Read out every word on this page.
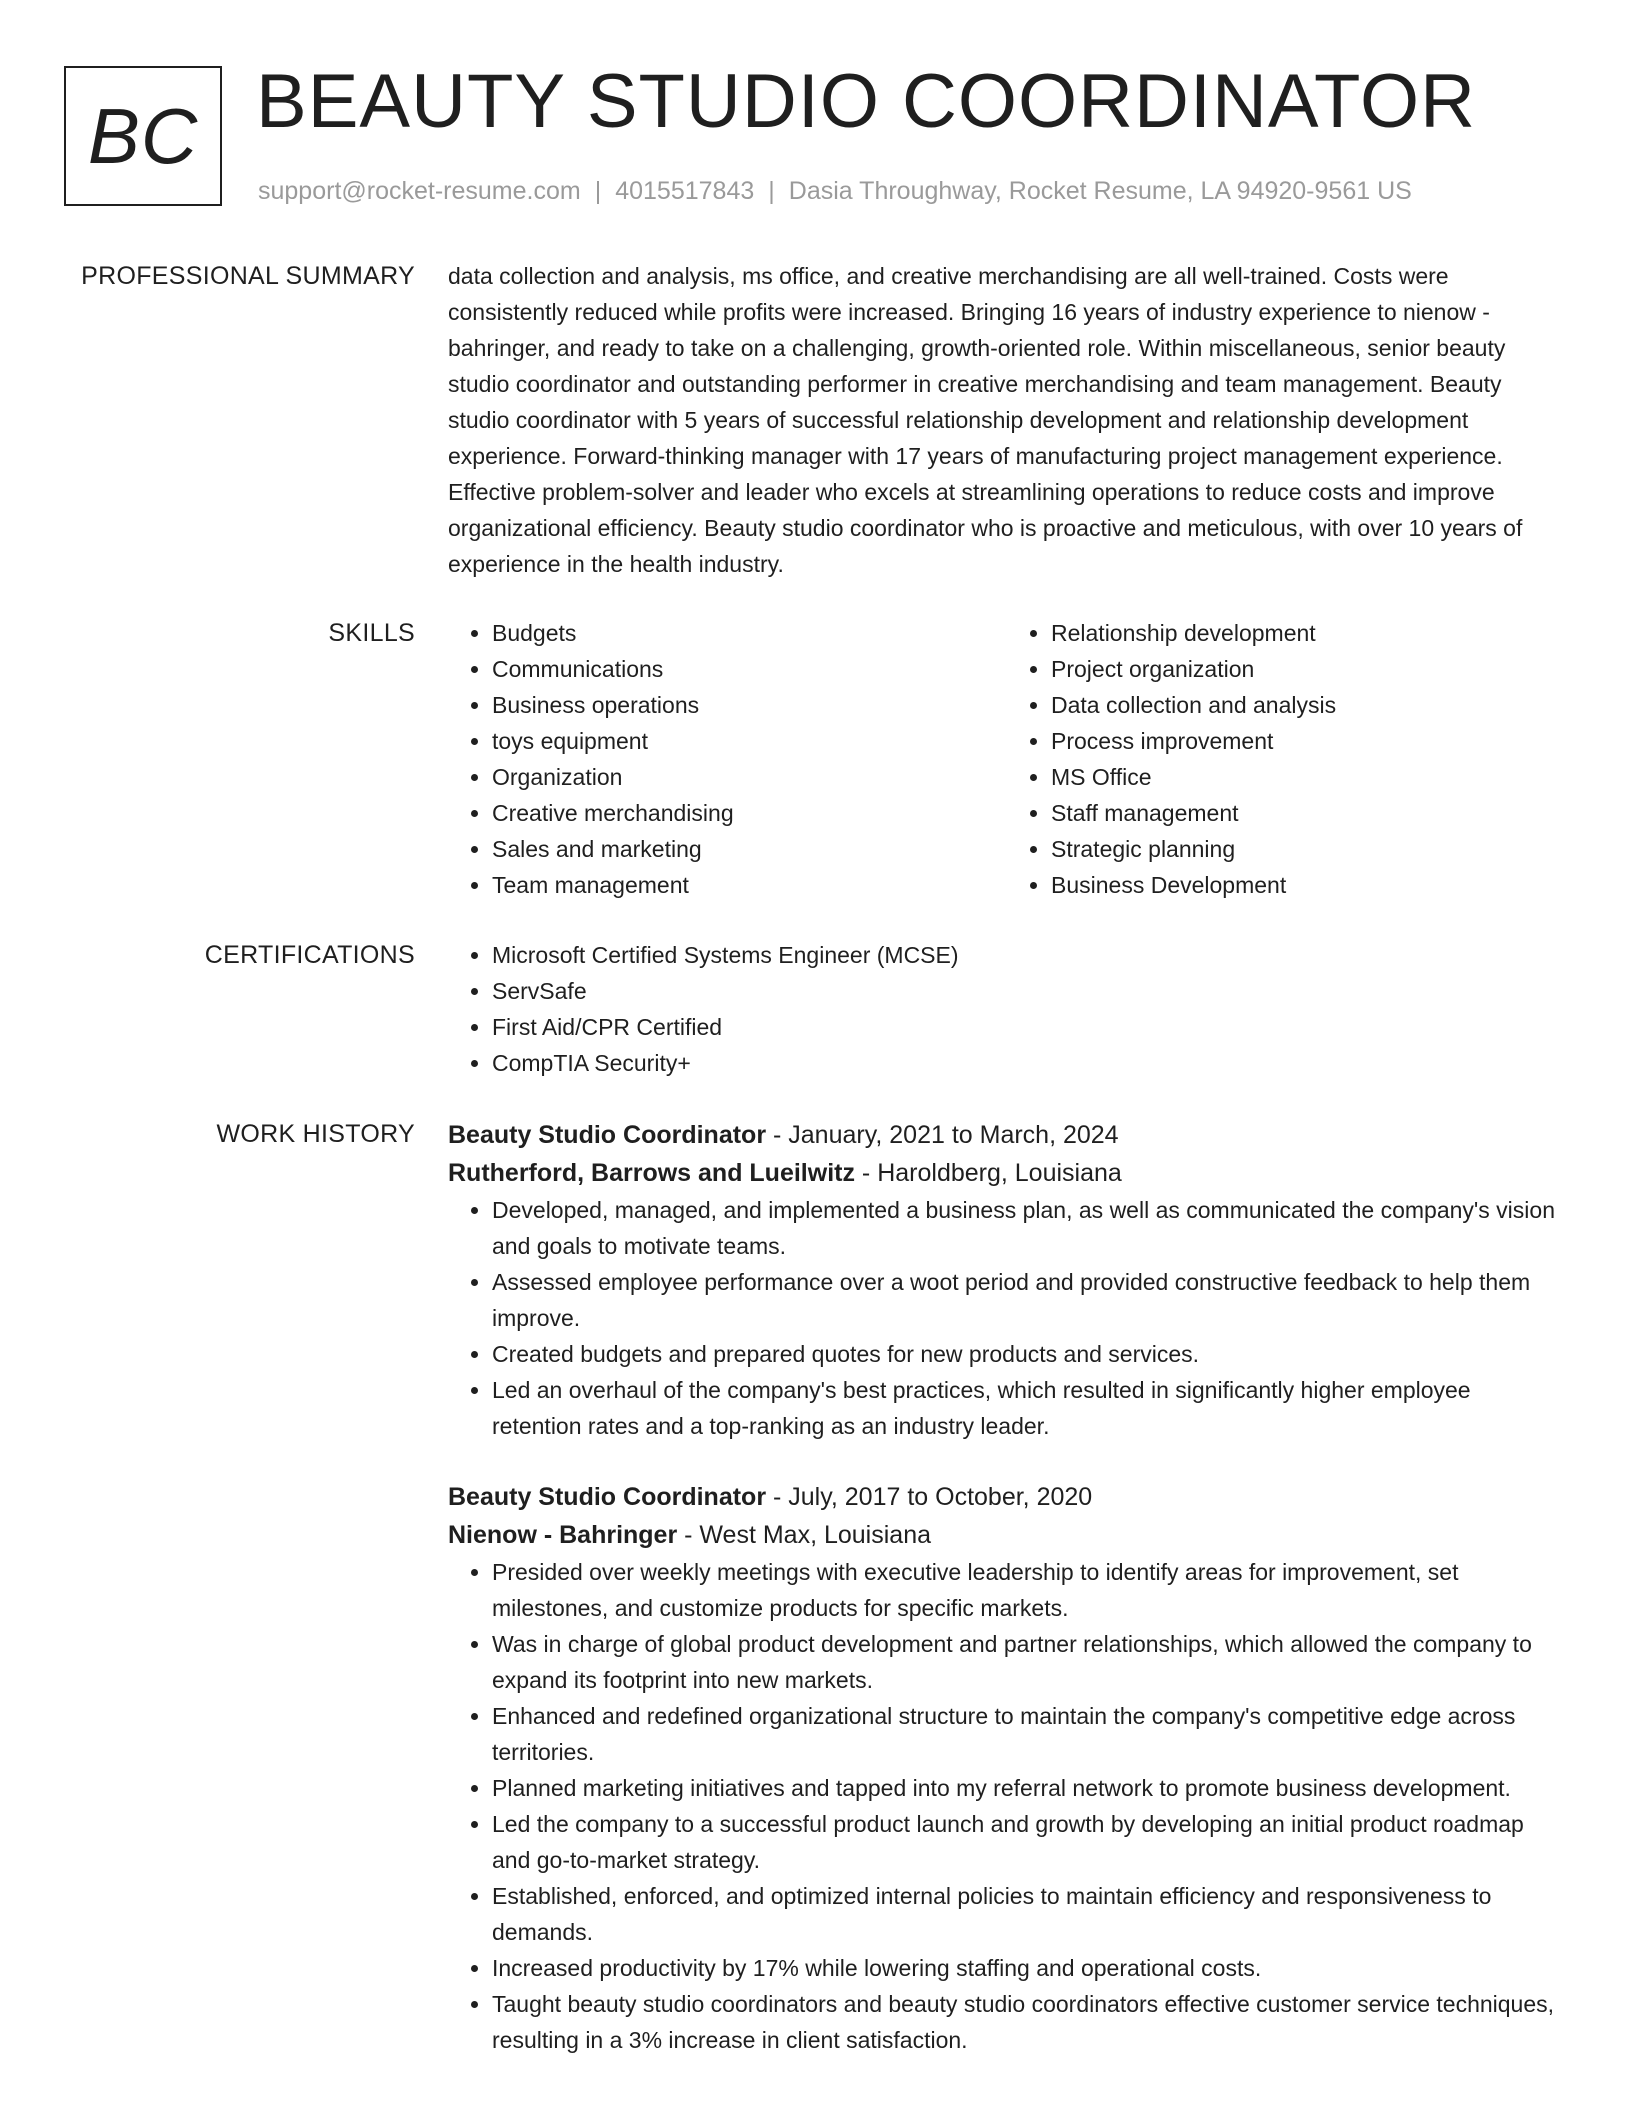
BC BEAUTY STUDIO COORDINATOR
support@rocket-resume.com | 4015517843 | Dasia Throughway, Rocket Resume, LA 94920-9561 US
PROFESSIONAL SUMMARY data collection and analysis, ms office, and creative merchandising are all well-trained. Costs were consistently reduced while profits were increased. Bringing 16 years of industry experience to nienow - bahringer, and ready to take on a challenging, growth-oriented role. Within miscellaneous, senior beauty studio coordinator and outstanding performer in creative merchandising and team management. Beauty studio coordinator with 5 years of successful relationship development and relationship development experience. Forward-thinking manager with 17 years of manufacturing project management experience. Effective problem-solver and leader who excels at streamlining operations to reduce costs and improve organizational efficiency. Beauty studio coordinator who is proactive and meticulous, with over 10 years of experience in the health industry.
SKILLS	• Budgets
• Communications
• Business operations
• toys equipment
• Organization
• Creative merchandising
• Sales and marketing
• Team management
• Relationship development
• Project organization
• Data collection and analysis
• Process improvement
• MS Office
• Staff management
• Strategic planning
• Business Development
CERTIFICATIONS	• Microsoft Certified Systems Engineer (MCSE)
• ServSafe
• First Aid/CPR Certified
• CompTIA Security+
WORK HISTORY Beauty Studio Coordinator - January, 2021 to March, 2024
Rutherford, Barrows and Lueilwitz - Haroldberg, Louisiana
• Developed, managed, and implemented a business plan, as well as communicated the company's vision and goals to motivate teams.
• Assessed employee performance over a woot period and provided constructive feedback to help them improve.
• Created budgets and prepared quotes for new products and services.
• Led an overhaul of the company's best practices, which resulted in significantly higher employee retention rates and a top-ranking as an industry leader.
Beauty Studio Coordinator - July, 2017 to October, 2020
Nienow - Bahringer - West Max, Louisiana
• Presided over weekly meetings with executive leadership to identify areas for improvement, set milestones, and customize products for specific markets.
• Was in charge of global product development and partner relationships, which allowed the company to expand its footprint into new markets.
• Enhanced and redefined organizational structure to maintain the company's competitive edge across territories.
• Planned marketing initiatives and tapped into my referral network to promote business development.
• Led the company to a successful product launch and growth by developing an initial product roadmap and go-to-market strategy.
• Established, enforced, and optimized internal policies to maintain efficiency and responsiveness to demands.
• Increased productivity by 17% while lowering staffing and operational costs.
• Taught beauty studio coordinators and beauty studio coordinators effective customer service techniques, resulting in a 3% increase in client satisfaction.
